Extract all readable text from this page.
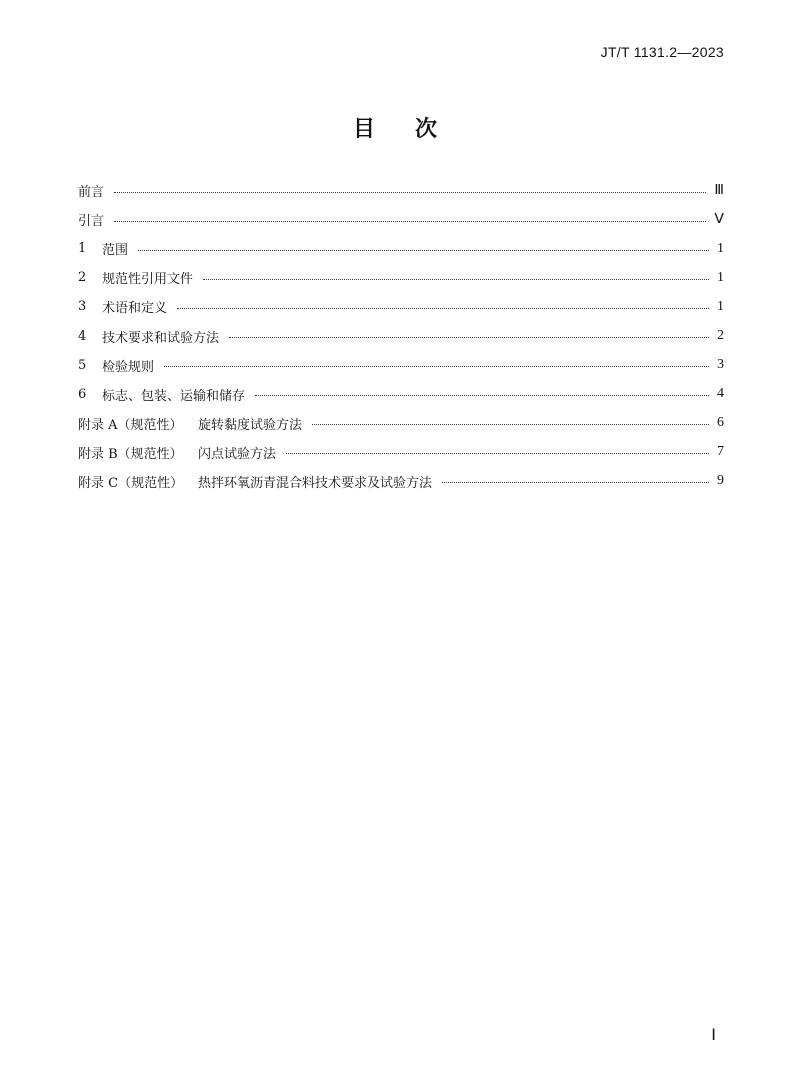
JT/T 1131.2—2023
目 次
前言	Ⅲ
引言	Ⅴ
1	范围	1
2	规范性引用文件	1
3	术语和定义	1
4	技术要求和试验方法	2
5	检验规则	3
6	标志、包装、运输和储存	4
附录 A（规范性）	旋转黏度试验方法	6
附录 B（规范性）	闪点试验方法	7
附录 C（规范性）	热拌环氧沥青混合料技术要求及试验方法	9
Ⅰ
